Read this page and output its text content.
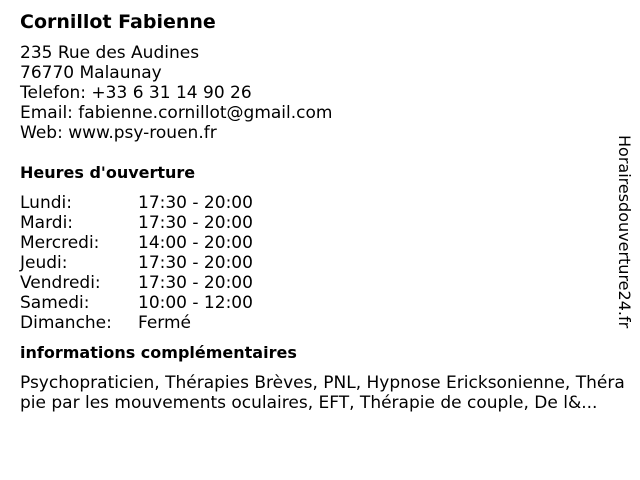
Cornillot Fabienne
235 Rue des Audines
76770 Malaunay
Telefon: +33 6 31 14 90 26
Email: fabienne.cornillot@gmail.com
Web: www.psy-rouen.fr
Heures d'ouverture
Lundi:	17:30 - 20:00
Mardi:	17:30 - 20:00
Mercredi:	14:00 - 20:00
Jeudi:	17:30 - 20:00
Vendredi:	17:30 - 20:00
Samedi:	10:00 - 12:00
Dimanche:	Fermé
informations complémentaires
Psychopraticien, Thérapies Brèves, PNL, Hypnose Ericksonienne, Thérapie par les mouvements oculaires, EFT, Thérapie de couple, De l&...
Horairesdouverture24.fr
